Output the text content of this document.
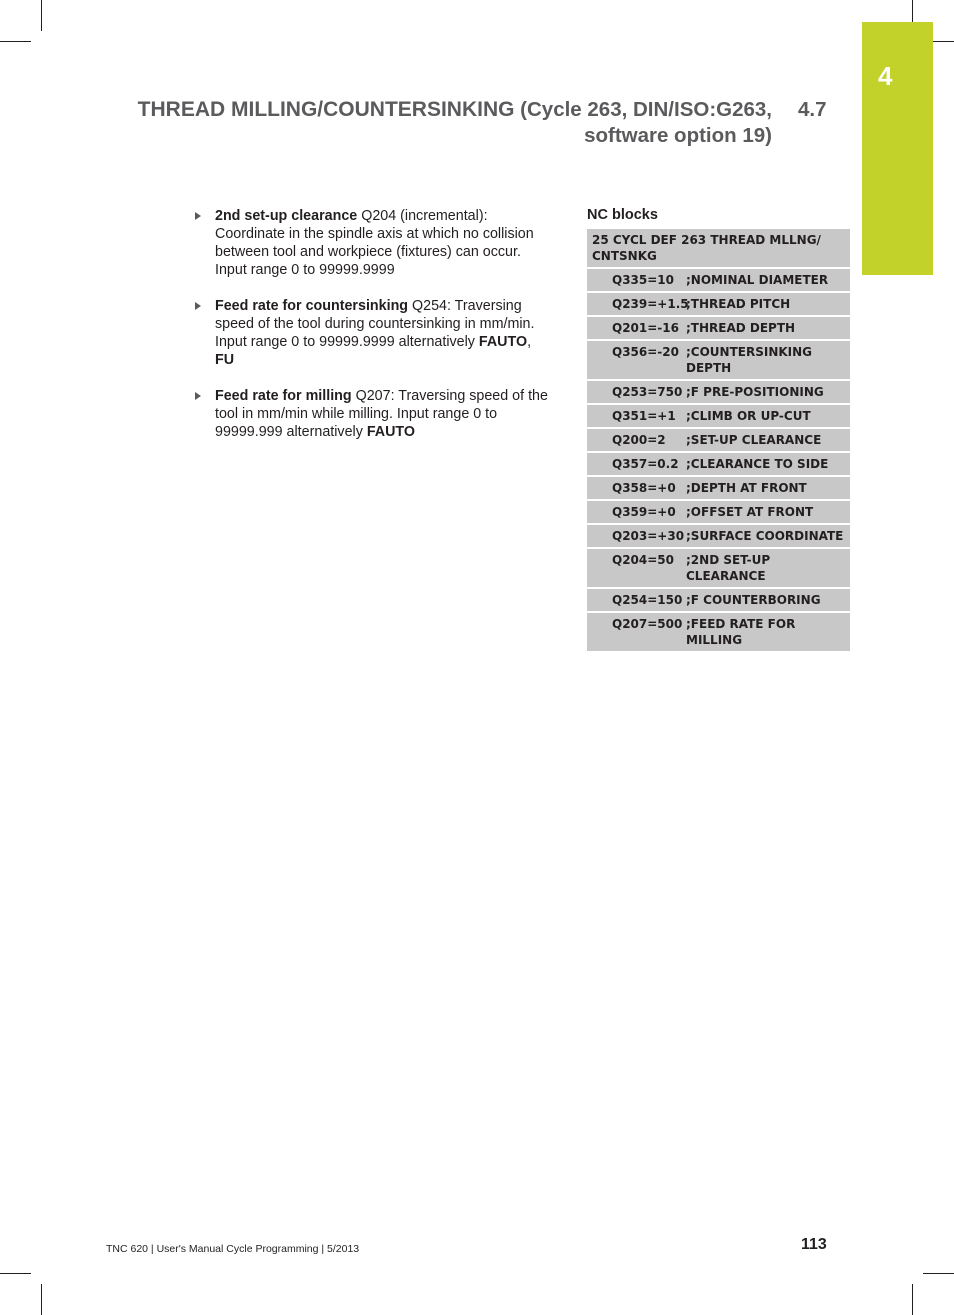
4
THREAD MILLING/COUNTERSINKING (Cycle 263, DIN/ISO:G263,
software option 19)
4.7
2nd set-up clearance Q204 (incremental): Coordinate in the spindle axis at which no collision between tool and workpiece (fixtures) can occur. Input range 0 to 99999.9999
Feed rate for countersinking Q254: Traversing speed of the tool during countersinking in mm/min. Input range 0 to 99999.9999 alternatively FAUTO, FU
Feed rate for milling Q207: Traversing speed of the tool in mm/min while milling. Input range 0 to 99999.999 alternatively FAUTO
NC blocks
25 CYCL DEF 263 THREAD MLLNG/ CNTSNKG
Q335=10 ;NOMINAL DIAMETER
Q239=+1.5
;THREAD PITCH
Q201=-16 ;THREAD DEPTH
Q356=-20 ;COUNTERSINKING DEPTH
Q253=750 ;F PRE-POSITIONING
Q351=+1 ;CLIMB OR UP-CUT
Q200=2	;SET-UP CLEARANCE
Q357=0.2 ;CLEARANCE TO SIDE
Q358=+0 ;DEPTH AT FRONT
Q359=+0 ;OFFSET AT FRONT
Q203=+30 ;SURFACE COORDINATE
Q204=50 ;2ND SET-UP CLEARANCE
Q254=150 ;F COUNTERBORING
Q207=500 ;FEED RATE FOR MILLING
TNC 620 | User's Manual Cycle Programming | 5/2013	113
